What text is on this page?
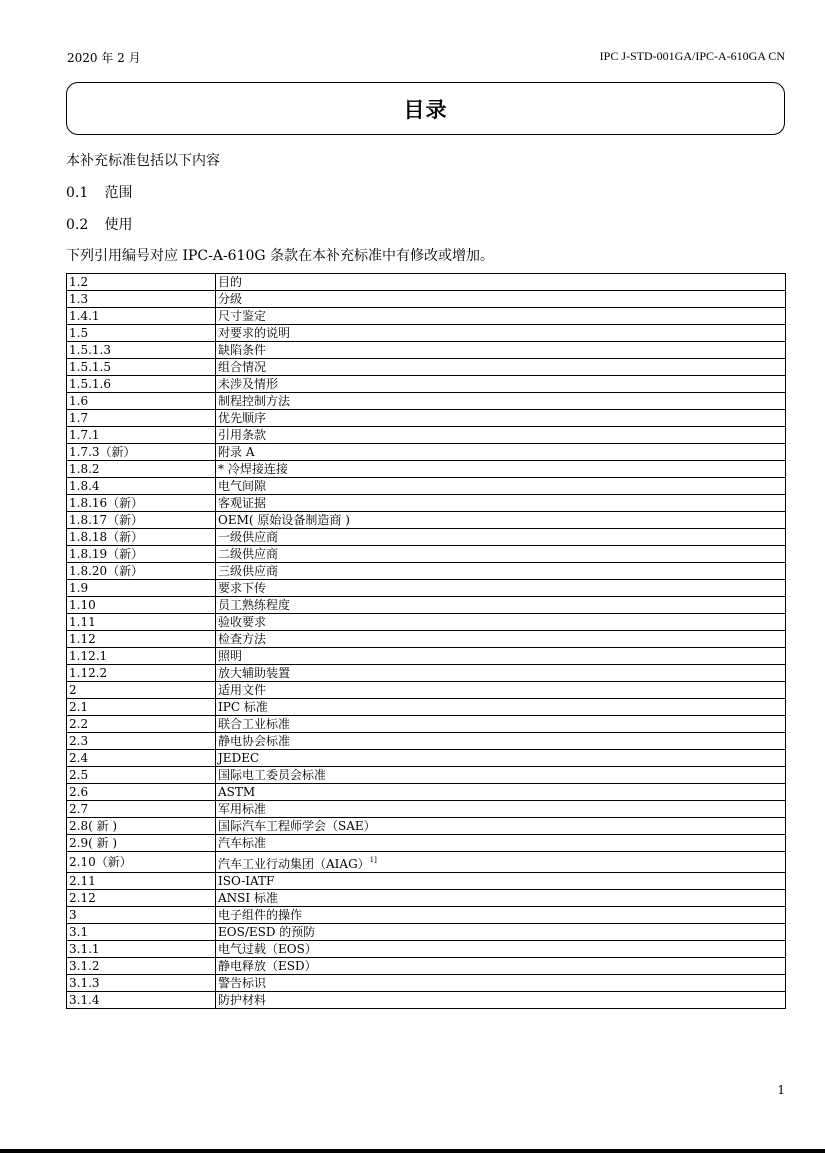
2020 年 2 月	IPC J-STD-001GA/IPC-A-610GA CN
目录
本补充标准包括以下内容
0.1 范围
0.2 使用
下列引用编号对应 IPC-A-610G 条款在本补充标准中有修改或增加。
1.2	目的
1.3	分级
1.4.1	尺寸鉴定
1.5	对要求的说明
1.5.1.3	缺陷条件
1.5.1.5	组合情况
1.5.1.6	未涉及情形
1.6	制程控制方法
1.7	优先顺序
1.7.1	引用条款
1.7.3（新）	附录 A
1.8.2	* 冷焊接连接
1.8.4	电气间隙
1.8.16（新）	客观证据
1.8.17（新）	OEM( 原始设备制造商 )
1.8.18（新）	一级供应商
1.8.19（新）	二级供应商
1.8.20（新）	三级供应商
1.9	要求下传
1.10	员工熟练程度
1.11	验收要求
1.12	检查方法
1.12.1	照明
1.12.2	放大辅助装置
2	适用文件
2.1	IPC 标准
2.2	联合工业标准
2.3	静电协会标准
2.4	JEDEC
2.5	国际电工委员会标准
2.6	ASTM
2.7	军用标准
2.8( 新 )	国际汽车工程师学会（SAE）
2.9( 新 )	汽车标准
2.10（新）	汽车工业行动集团（AIAG）$^{1]}$
2.11	ISO-IATF
2.12	ANSI 标准
3	电子组件的操作
3.1	EOS/ESD 的预防
3.1.1	电气过载（EOS）
3.1.2	静电释放（ESD）
3.1.3	警告标识
3.1.4	防护材料
1
